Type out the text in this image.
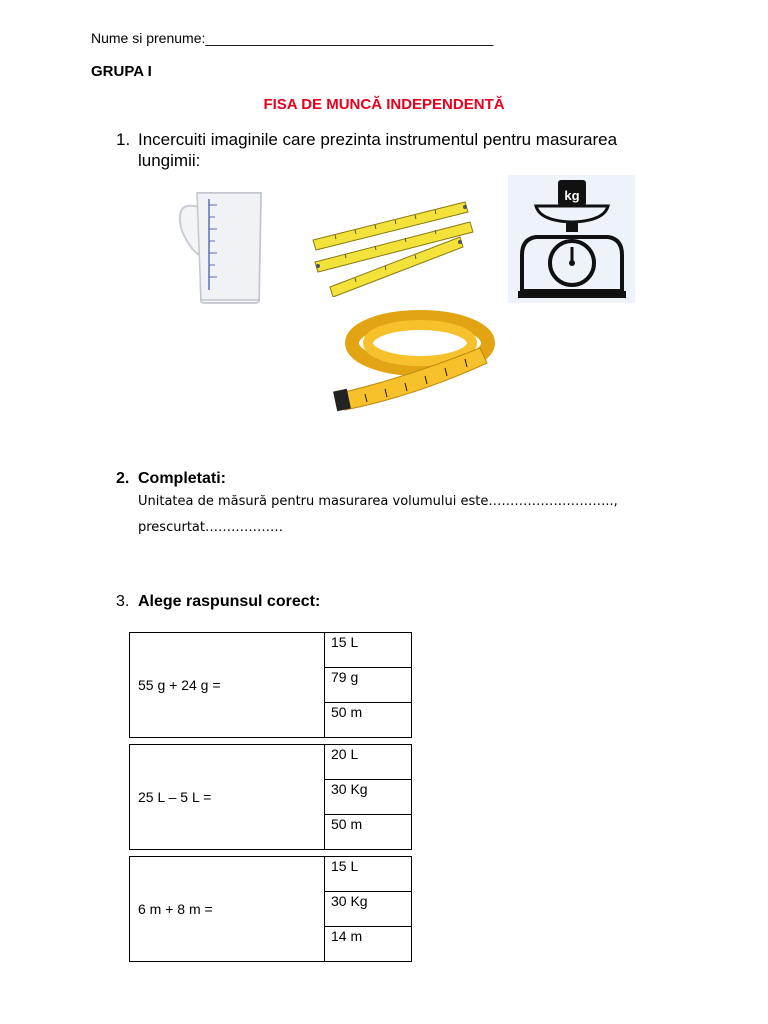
Nume si prenume:_____________________________________
GRUPA I
FISA DE MUNCĂ INDEPENDENTĂ
1. Incercuiti imaginile care prezinta instrumentul pentru masurarea lungimii:
kg
2. Completati:
Unitatea de măsură pentru masurarea volumului este………………………..,
prescurtat………………
3. Alege raspunsul corect:
55 g + 24 g =	15 L
79 g
50 m
25 L – 5 L =	20 L
30 Kg
50 m
6 m + 8 m =	15 L
30 Kg
14 m
